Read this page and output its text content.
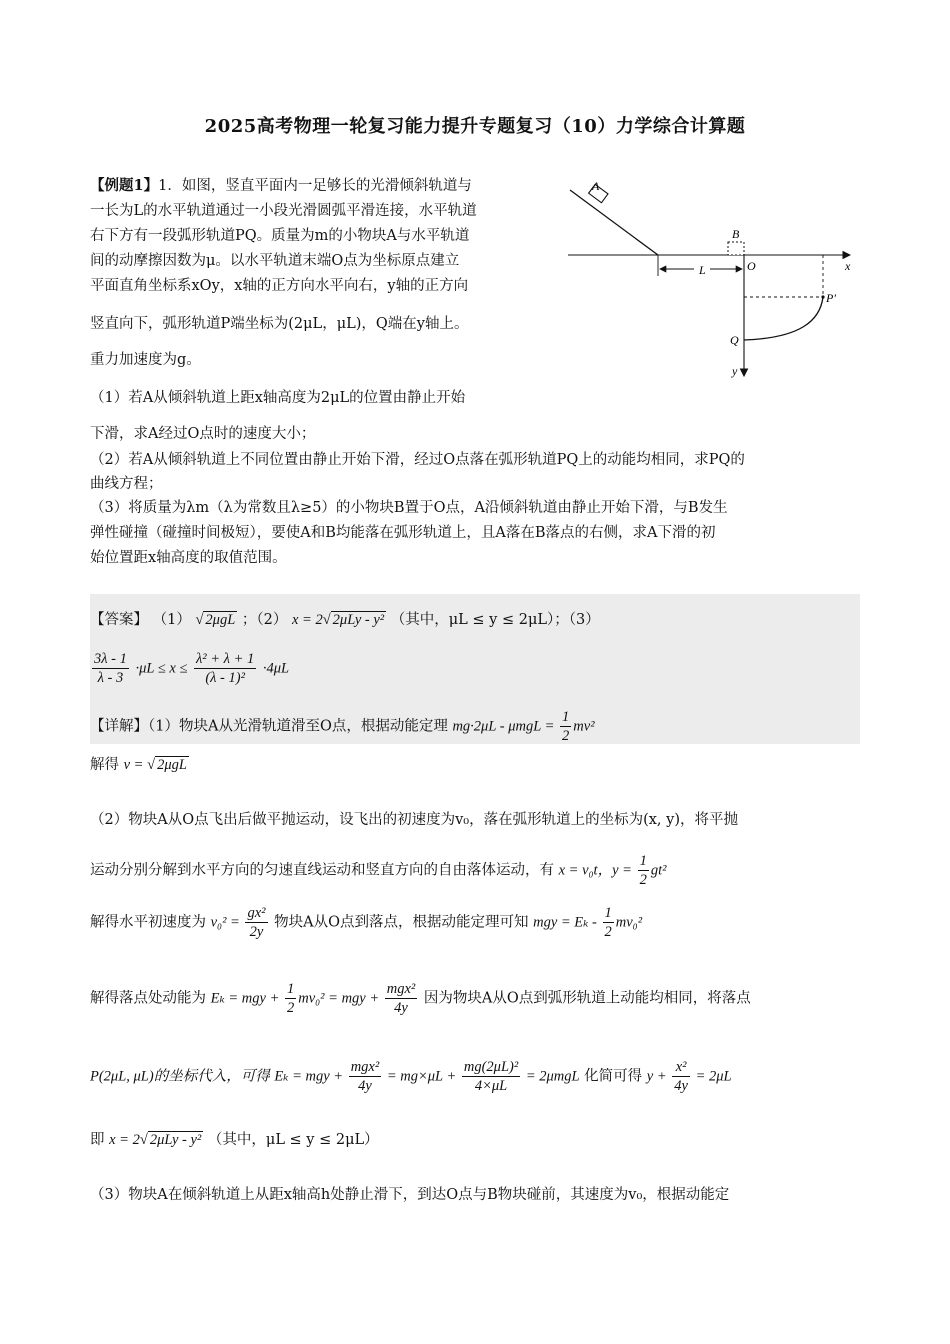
2025高考物理一轮复习能力提升专题复习（10）力学综合计算题
【例题1】1．如图，竖直平面内一足够长的光滑倾斜轨道与
一长为L的水平轨道通过一小段光滑圆弧平滑连接，水平轨道
右下方有一段弧形轨道PQ。质量为m的小物块A与水平轨道
间的动摩擦因数为μ。以水平轨道末端O点为坐标原点建立
平面直角坐标系xOy，x轴的正方向水平向右，y轴的正方向
竖直向下，弧形轨道P端坐标为(2μL，μL)，Q端在y轴上。
重力加速度为g。
（1）若A从倾斜轨道上距x轴高度为2μL的位置由静止开始
下滑，求A经过O点时的速度大小；
（2）若A从倾斜轨道上不同位置由静止开始下滑，经过O点落在弧形轨道PQ上的动能均相同，求PQ的
曲线方程；
（3）将质量为λm（λ为常数且λ≥5）的小物块B置于O点，A沿倾斜轨道由静止开始下滑，与B发生
弹性碰撞（碰撞时间极短），要使A和B均能落在弧形轨道上，且A落在B落点的右侧，求A下滑的初
始位置距x轴高度的取值范围。
A
x
B
O
y
L
P′
Q
【答案】 （1） √ 2μgL ；（2） x = 2√ 2μLy - y² （其中，μL ≤ y ≤ 2μL）；（3）
$\frac{3\lambda - 1}{\lambda - 3} \cdot\mu L \le x \le \frac{\text{λ² + λ + 1}}{\text{(λ - 1)²}} \cdot 4\mu L$
【详解】（1）物块A从光滑轨道滑至O点，根据动能定理 $mg\cdot 2\mu L - \mu mgL = \frac{1}{2} mv^2$
解得 v = √ 2μgL
（2）物块A从O点飞出后做平抛运动，设飞出的初速度为v₀，落在弧形轨道上的坐标为(x, y)，将平抛
运动分别分解到水平方向的匀速直线运动和竖直方向的自由落体运动，有 x = v₀t，$y = \frac{1}{2} gt^2$
解得水平初速度为 $v_0^2 = \frac{\text{gx²}}{2y}$ 物块A从O点到落点，根据动能定理可知 mgy = Eₖ - $\frac{1}{2} mv_0^2$
解得落点处动能为 Eₖ = mgy + $\frac{1}{2} mv_0^2$ = mgy + $\frac{\text{mgx²}}{4y}$ 因为物块A从O点到弧形轨道上动能均相同，将落点
P(2μL, μL)的坐标代入，可得 Eₖ = mgy + $\frac{\text{mgx²}}{4y} = mg\times\mu L + \frac{\text{mg(2μL)²}}{4\times\mu L} = 2\mu mgL$ 化简可得 $y + \frac{\text{x²}}{4y} = 2\mu L$
即 x = 2√ 2μLy - y² （其中，μL ≤ y ≤ 2μL）
（3）物块A在倾斜轨道上从距x轴高h处静止滑下，到达O点与B物块碰前，其速度为v₀，根据动能定
